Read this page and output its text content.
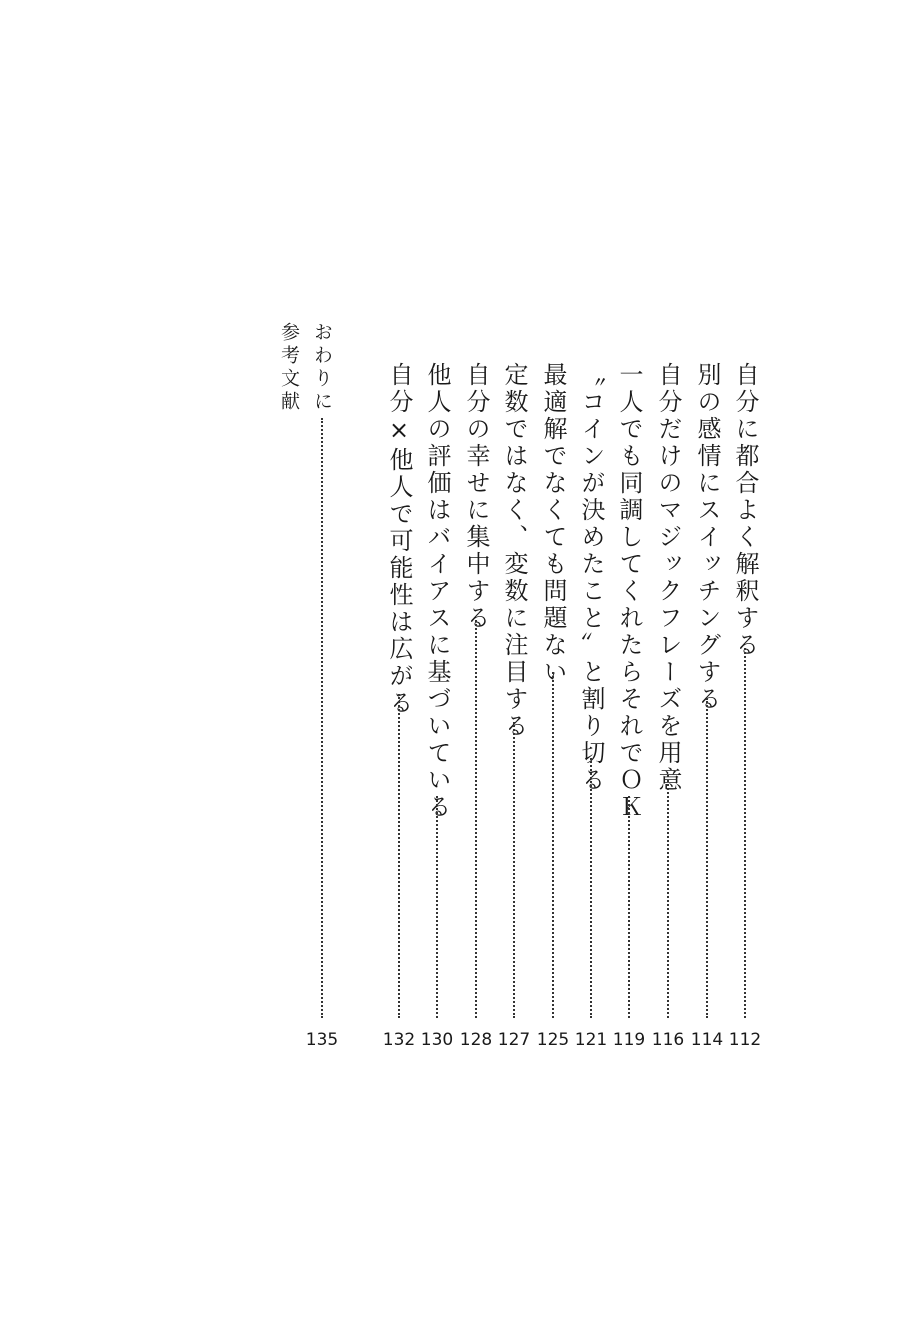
自分に都合よく解釈する
112
別の感情にスイッチングする
114
自分だけのマジックフレーズを用意
116
一人でも同調してくれたらそれでＯＫ
119
〝コインが決めたこと〟と割り切る
121
最適解でなくても問題ない
125
定数ではなく、変数に注目する
127
自分の幸せに集中する
128
他人の評価はバイアスに基づいている
130
自分×他人で可能性は広がる
132
おわりに
135
参考文献
